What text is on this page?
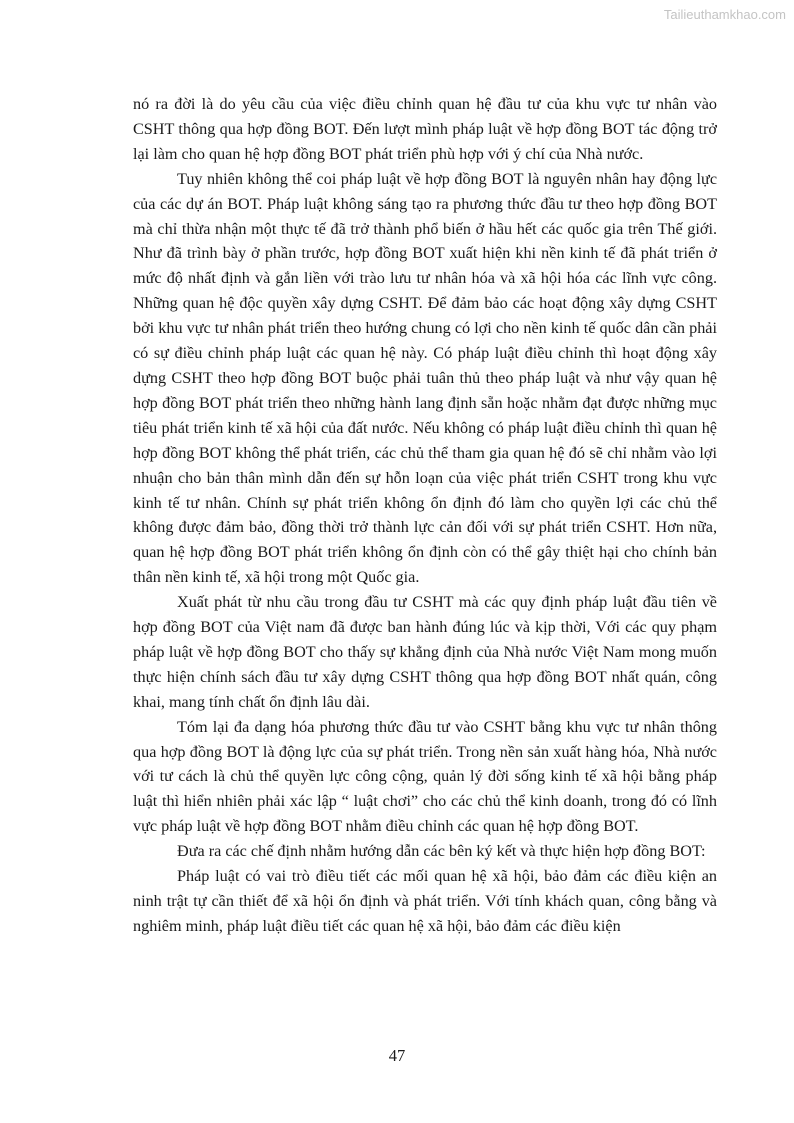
Tailieuthamkhao.com

nó ra đời là do yêu cầu của việc điều chỉnh quan hệ đầu tư của khu vực tư nhân vào CSHT thông qua hợp đồng BOT. Đến lượt mình pháp luật về hợp đồng BOT tác động trở lại làm cho quan hệ hợp đồng BOT phát triển phù hợp với ý chí của Nhà nước.

Tuy nhiên không thể coi pháp luật về hợp đồng BOT là nguyên nhân hay động lực của các dự án BOT. Pháp luật không sáng tạo ra phương thức đầu tư theo hợp đồng BOT mà chỉ thừa nhận một thực tế đã trở thành phổ biến ở hầu hết các quốc gia trên Thế giới. Như đã trình bày ở phần trước, hợp đồng BOT xuất hiện khi nền kinh tế đã phát triển ở mức độ nhất định và gắn liền với trào lưu tư nhân hóa và xã hội hóa các lĩnh vực công. Những quan hệ độc quyền xây dựng CSHT. Để đảm bảo các hoạt động xây dựng CSHT bởi khu vực tư nhân phát triển theo hướng chung có lợi cho nền kinh tế quốc dân cần phải có sự điều chỉnh pháp luật các quan hệ này. Có pháp luật điều chỉnh thì hoạt động xây dựng CSHT theo hợp đồng BOT buộc phải tuân thủ theo pháp luật và như vậy quan hệ hợp đồng BOT phát triển theo những hành lang định sẵn hoặc nhằm đạt được những mục tiêu phát triển kinh tế xã hội của đất nước. Nếu không có pháp luật điều chỉnh thì quan hệ hợp đồng BOT không thể phát triển, các chủ thể tham gia quan hệ đó sẽ chỉ nhằm vào lợi nhuận cho bản thân mình dẫn đến sự hỗn loạn của việc phát triển CSHT trong khu vực kinh tế tư nhân. Chính sự phát triển không ổn định đó làm cho quyền lợi các chủ thể không được đảm bảo, đồng thời trở thành lực cản đối với sự phát triển CSHT. Hơn nữa, quan hệ hợp đồng BOT phát triển không ổn định còn có thể gây thiệt hại cho chính bản thân nền kinh tế, xã hội trong một Quốc gia.

Xuất phát từ nhu cầu trong đầu tư CSHT mà các quy định pháp luật đầu tiên về hợp đồng BOT của Việt nam đã được ban hành đúng lúc và kịp thời, Với các quy phạm pháp luật về hợp đồng BOT cho thấy sự khẳng định của Nhà nước Việt Nam mong muốn thực hiện chính sách đầu tư xây dựng CSHT thông qua hợp đồng BOT nhất quán, công khai, mang tính chất ổn định lâu dài.

Tóm lại đa dạng hóa phương thức đầu tư vào CSHT bằng khu vực tư nhân thông qua hợp đồng BOT là động lực của sự phát triển. Trong nền sản xuất hàng hóa, Nhà nước với tư cách là chủ thể quyền lực công cộng, quản lý đời sống kinh tế xã hội bằng pháp luật thì hiển nhiên phải xác lập “ luật chơi” cho các chủ thể kinh doanh, trong đó có lĩnh vực pháp luật về hợp đồng BOT nhằm điều chỉnh các quan hệ hợp đồng BOT.

Đưa ra các chế định nhằm hướng dẫn các bên ký kết và thực hiện hợp đồng BOT:

Pháp luật có vai trò điều tiết các mối quan hệ xã hội, bảo đảm các điều kiện an ninh trật tự cần thiết để xã hội ổn định và phát triển. Với tính khách quan, công bằng và nghiêm minh, pháp luật điều tiết các quan hệ xã hội, bảo đảm các điều kiện

47
